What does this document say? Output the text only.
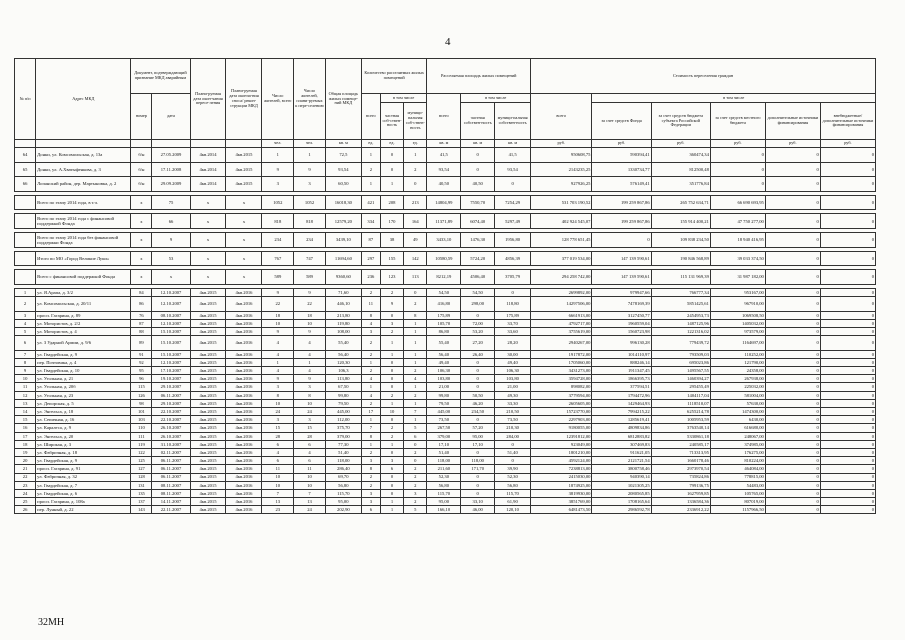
4
№ п/п	Адрес МКД	Документ, подтверждающий признание МКД аварийным		Плани-руемая дата окон-чания пересе-ления	Плани-руемая дата оконча-ния сноса/ рекон-струкции МКД	Число жителей, всего	Число жителей, плани-руемых к пере-селению	Общая площадь жилых помеще-ний МКД	Количество расселяемых жилых помещений			Расселяемая площадь жилых помещений			Стоимость переселения граждан					
		номер	дата						всего	в том числе		всего	в том числе		всего	в том числе				
										частная соб-ствен-ность	муници-пальная соб-ствен-ность		частная собствен-ность	муници-пальная собствен-ность		за счет средств Фонда	за счет средств бюджета субъекта Российской Федерации	за счет средств местного бюджета	дополнительные источники финансирования	внебюджетные/ дополнительные источники финансирования
						чел.	чел.	кв. м	ед.	ед.	ед.	кв. м	кв. м	кв. м	руб.	руб.	руб.	руб.	руб.	руб.
64	Донки, ул. Комсомольская, д. 13а	б/н	27.05.2009	4кв.2014	4кв.2015	1	1	72,5	1	0	1	41,5	0	41,5	950608,75	590394,41	360474,34	0	0	0
65	Донки, ул. А.Хватыфенкова, д. 3	б/н	17.11.2008	4кв.2014	4кв.2015	9	9	93,54	2	0	2	93,54	0	93,54	2143235,25	1330734,77	812500,48	0	0	0
66	Лопанский район, дер. Мартыновка, д. 2	б/н	29.09.2009	4кв.2014	4кв.2015	3	3	60,50	1	1	0	40,50	40,50	0	927926,25	576149,41	351776,84	0	0	0

	Всего по этапу 2014 года, в т.ч.	х	75	х	х	1052	1052	16018,30	421	208	213	14804,99	7550,70	7254,29	531 703 190,52	199 259 867,86	265 752 634,71	66 690 693,95	0	0

	Всего по этапу 2014 года с финансовой поддержкой Фонда	х	66	х	х	818	818	12579,20	334	170	164	11371,89	6074,40	5297,49	402 924 545,07	199 259 867,86	155 914 400,21	47 750 277,00	0	0

	Всего по этапу 2014 года без финансовой поддержки Фонда	х	9	х	х	234	234	3439,10	87	38	49	3433,10	1476,30	1956,80	128 778 651,45	0	109 838 234,50	18 940 416,95	0	0

	Итого по МО «Город Великие Луки»	х	53	х	х	767	747	11694,60	297	155	142	10580,59	5724,20	4856,39	377 019 534,00	147 139 590,61	190 846 568,89	39 033 374,50	0	0

	Всего с финансовой поддержкой Фонда	х	х	х	х	589	589	9360,60	236	123	113	8212,19	4506,40	3705,79	294 258 742,00	147 139 590,61	115 131 969,39	31 987 182,00	0	0

1	ул. Я.Арапа, д. 3/2	84	12.10.2007	4кв.2015	4кв.2016	9	9	71,60	2	2	0	54,50	54,50	0	2699892,00	979947,66	766777,34	953167,00	0	0
2	ул. Комсомольская, д. 20/11	86	12.10.2007	4кв.2015	4кв.2016	22	22	446,10	11	9	2	416,80	298,00	118,80	14297506,00	7478169,39	5851425,61	967910,00	0	0
3	просп. Гагарина, д. 89	76	08.10.2007	4кв.2015	4кв.2016	18	18	213,80	8	0	8	175,89	0	175,89	6661913,00	3127450,77	2454953,73	1069508,50	0	0
4	ул. Мотористов, д. 2/2	87	12.10.2007	4кв.2015	4кв.2016	10	10	119,80	4	3	1	105,70	72,00	33,70	4792717,00	1960559,04	1487125,96	1405032,00	0	0
5	ул. Мотористов, д. 4	88	15.10.2007	4кв.2015	4кв.2016	9	9	108,00	3	2	1	86,80	53,20	33,60	3755619,00	1560723,98	1221316,02	973579,00	0	0
6	ул. 3 Ударной Армии, д. 9/6	89	15.10.2007	4кв.2015	4кв.2016	4	4	55,40	2	1	1	55,40	27,20	28,20	2940267,00	996130,28	779439,72	1164697,00	0	0
7	ул. Гвардейская, д. 9	91	15.10.2007	4кв.2015	4кв.2016	4	4	56,40	2	1	1	56,40	26,40	30,00	1917872,00	1014110,97	793509,03	110252,00	0	0
8	пер. Почтовика, д. 4	92	12.10.2007	4кв.2015	4кв.2016	1	1	120,30	1	0	1	49,40	0	49,40	1705060,00	888246,14	695023,86	121790,00	0	0
9	ул. Гвардейская, д. 10	95	17.10.2007	4кв.2015	4кв.2016	4	4	106,3	2	0	2	106,30	0	106,30	3431273,00	1911347,45	1495567,55	24358,00	0	0
10	ул. Угольная, д. 21	96	19.10.2007	4кв.2015	4кв.2016	9	9	113,80	4	0	4	103,80	0	103,80	3594728,00	1866395,73	1460394,27	267938,00	0	0
11	ул. Угольная, д. 20б	115	29.10.2007	4кв.2015	4кв.2016	3	3	67,50	1	0	1	21,00	0	21,00	898082,00	377594,51	295455,49	225032,00	0	0
12	ул. Угольная, д. 23	126	06.11.2007	4кв.2015	4кв.2016	8	8	99,80	4	2	2	99,80	50,50	49,30	3779594,00	1794472,96	1404117,04	581004,00	0	0
13	ул. Депорская, д. 5	98	29.10.2007	4кв.2015	4кв.2016	10	10	79,50	2	1	1	79,50	46,20	33,30	2605605,00	1429464,93	1118510,07	57630,00	0	0
14	ул. Энгельса, д. 18	101	22.10.2007	4кв.2015	4кв.2016	24	24	445,00	17	10	7	445,00	234,50	210,50	15723770,00	7994215,22	6255214,78	1474300,00	0	0
15	ул. Сепичная, д. 16	103	22.10.2007	4кв.2015	4кв.2016	3	3	112,00	1	0	1	73,50	0	73,50	2297903,00	1285619,41	1005953,59	6430,00	0	0
16	ул. Каралеса, д. 9	110	26.10.2007	4кв.2015	4кв.2016	15	15	375,70	7	2	5	267,50	57,20	210,30	9180055,00	4809834,86	3763540,14	616680,00	0	0
17	ул. Энгельса, д. 20	111	26.10.2007	4кв.2015	4кв.2016	28	28	379,00	8	2	6	379,00	95,00	284,00	12391812,00	6812883,82	5330861,18	248067,00	0	0
18	ул. Широкая, д. 3	119	31.10.2007	4кв.2015	4кв.2016	6	6	77,30	1	1	0	17,10	17,10	0	923049,00	307469,83	240585,17	374985,00	0	0
19	ул. Фабричная, д. 18	122	02.11.2007	4кв.2015	4кв.2016	4	4	51,40	2	0	2	51,40	0	51,40	1801210,00	911621,05	713313,95	176275,00	0	0
20	ул. Гвардейская, д. 9	125	06.11.2007	4кв.2015	4кв.2016	6	6	118,00	3	3	0	118,00	118,00	0	4592124,00	2121721,54	1660178,46	810224,00	0	0
21	просп. Гагарина, д. 91	127	06.11.2007	4кв.2015	4кв.2016	11	11	286,40	8	6	2	211,60	171,70	39,90	7238813,00	3800758,46	2973970,54	464084,00	0	0
22	ул. Фабричная, д. 32	128	06.11.2007	4кв.2015	4кв.2016	10	10	69,70	2	0	2	52,30	0	52,30	2415030,00	940390,14	735824,86	778815,00	0	0
23	ул. Гвардейская, д. 7	131	08.11.2007	4кв.2015	4кв.2016	10	10	56,80	2	0	2	56,80	0	56,80	1874925,00	1021305,25	799136,75	54483,00	0	0
24	ул. Гвардейская, д. 6	135	08.11.2007	4кв.2015	4кв.2016	7	7	115,70	3	0	3	115,70	0	115,70	3819930,00	2080565,85	1627959,85	105765,00	0	0
25	просп. Гагарина, д. 108а	137	14.11.2007	4кв.2015	4кв.2016	13	13	95,00	3	1	2	95,00	33,10	61,90	3851769,00	1708165,64	1336584,36	807019,00	0	0
26	пер. Лунный, д. 22	143	22.11.2007	4кв.2015	4кв.2016	23	24	202,90	6	1	5	166,10	46,00	120,10	6481473,50	2986592,78	2336912,22	1157966,50	0	0
32МН
